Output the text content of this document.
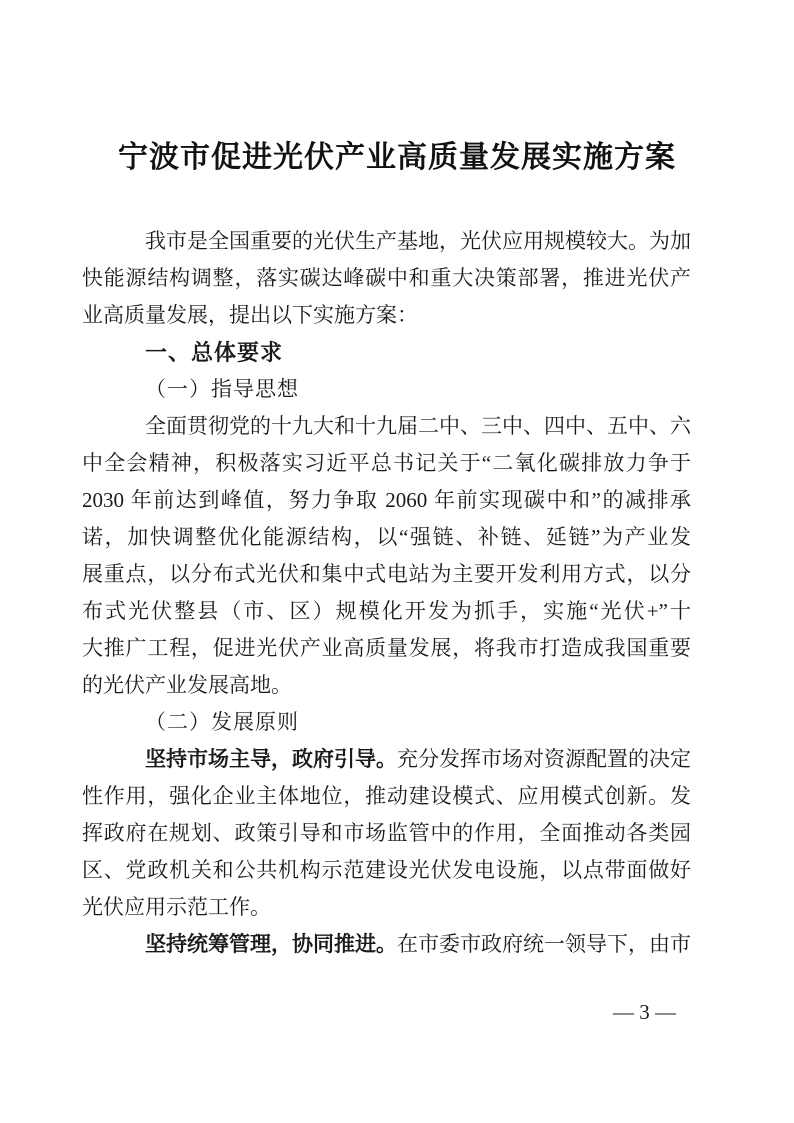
宁波市促进光伏产业高质量发展实施方案
我市是全国重要的光伏生产基地，光伏应用规模较大。为加
快能源结构调整，落实碳达峰碳中和重大决策部署，推进光伏产
业高质量发展，提出以下实施方案：
一、总体要求
（一）指导思想
全面贯彻党的十九大和十九届二中、三中、四中、五中、六
中全会精神，积极落实习近平总书记关于“二氧化碳排放力争于
2030 年前达到峰值，努力争取 2060 年前实现碳中和”的减排承
诺，加快调整优化能源结构，以“强链、补链、延链”为产业发
展重点，以分布式光伏和集中式电站为主要开发利用方式，以分
布式光伏整县（市、区）规模化开发为抓手，实施“光伏+”十
大推广工程，促进光伏产业高质量发展，将我市打造成我国重要
的光伏产业发展高地。
（二）发展原则
坚持市场主导，政府引导。充分发挥市场对资源配置的决定
性作用，强化企业主体地位，推动建设模式、应用模式创新。发
挥政府在规划、政策引导和市场监管中的作用，全面推动各类园
区、党政机关和公共机构示范建设光伏发电设施，以点带面做好
光伏应用示范工作。
坚持统筹管理，协同推进。在市委市政府统一领导下，由市
— 3 —
